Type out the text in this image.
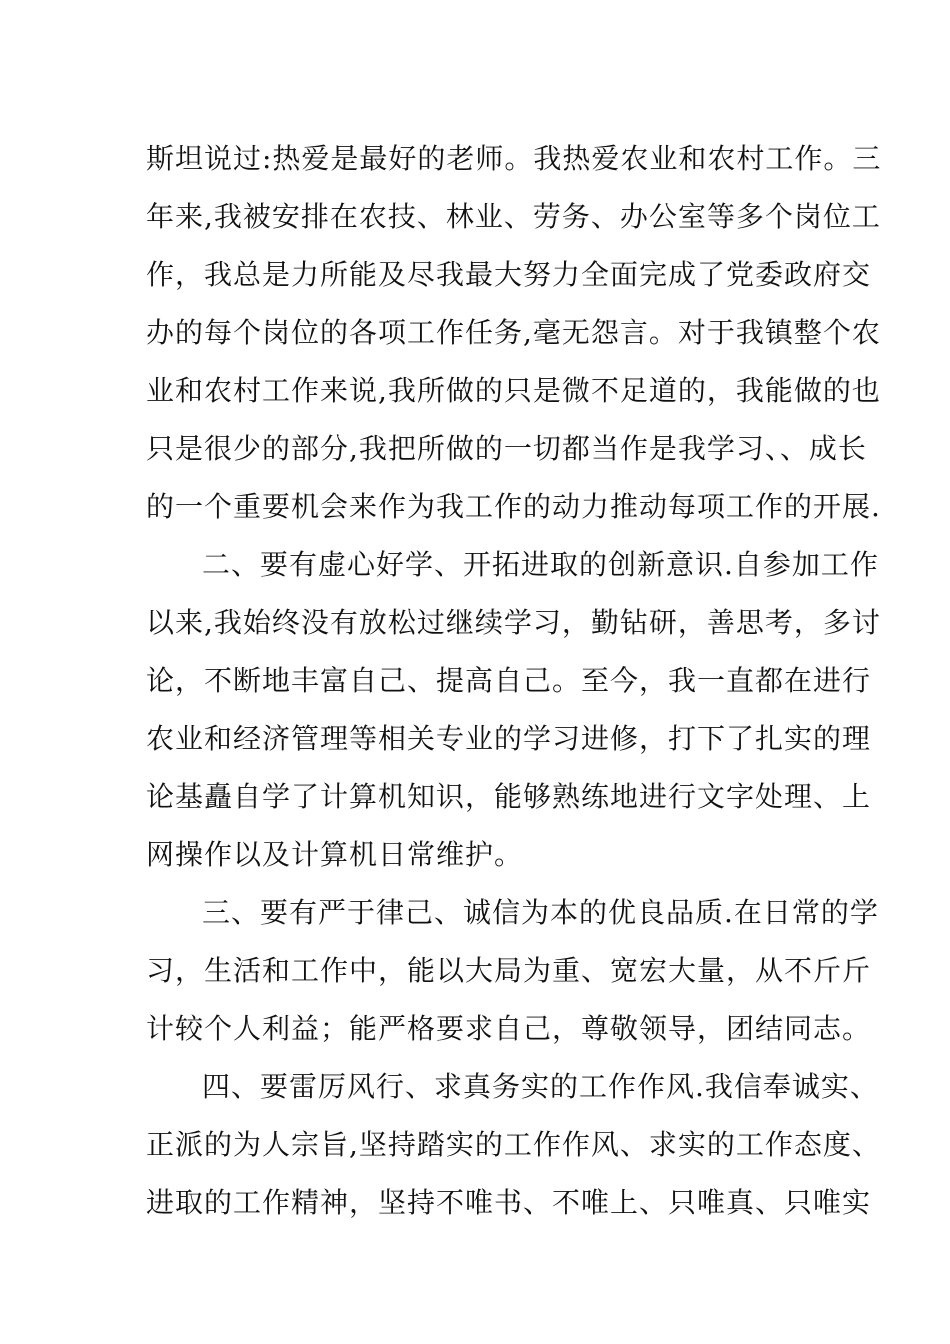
斯坦说过:热爱是最好的老师。我热爱农业和农村工作。三
年来,我被安排在农技、林业、劳务、办公室等多个岗位工
作，我总是力所能及尽我最大努力全面完成了党委政府交
办的每个岗位的各项工作任务,毫无怨言。对于我镇整个农
业和农村工作来说,我所做的只是微不足道的，我能做的也
只是很少的部分,我把所做的一切都当作是我学习、、成长
的一个重要机会来作为我工作的动力推动每项工作的开展.
二、要有虚心好学、开拓进取的创新意识.自参加工作
以来,我始终没有放松过继续学习，勤钻研，善思考，多讨
论，不断地丰富自己、提高自己。至今，我一直都在进行
农业和经济管理等相关专业的学习进修，打下了扎实的理
论基矗自学了计算机知识，能够熟练地进行文字处理、上
网操作以及计算机日常维护。
三、要有严于律己、诚信为本的优良品质.在日常的学
习，生活和工作中，能以大局为重、宽宏大量，从不斤斤
计较个人利益；能严格要求自己，尊敬领导，团结同志。
四、要雷厉风行、求真务实的工作作风.我信奉诚实、
正派的为人宗旨,坚持踏实的工作作风、求实的工作态度、
进取的工作精神，坚持不唯书、不唯上、只唯真、只唯实
